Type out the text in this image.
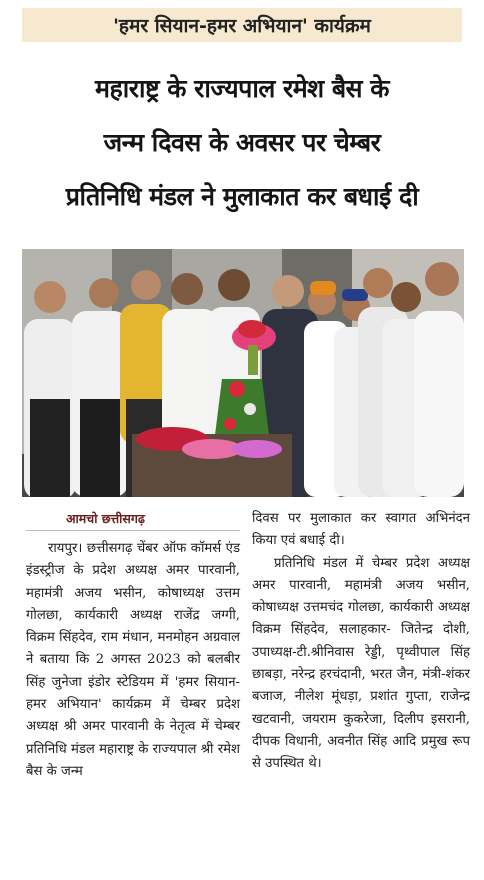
'हमर सियान-हमर अभियान' कार्यक्रम
महाराष्ट्र के राज्यपाल रमेश बैस के
जन्म दिवस के अवसर पर चेम्बर
प्रतिनिधि मंडल ने मुलाकात कर बधाई दी
आमचो छत्तीसगढ़

रायपुर। छत्तीसगढ़ चेंबर ऑफ कॉमर्स एंड इंडस्ट्रीज के प्रदेश अध्यक्ष अमर पारवानी, महामंत्री अजय भसीन, कोषाध्यक्ष उत्तम गोलछा, कार्यकारी अध्यक्ष राजेंद्र जग्गी, विक्रम सिंहदेव, राम मंधान, मनमोहन अग्रवाल ने बताया कि 2 अगस्त 2023 को बलबीर सिंह जुनेजा इंडोर स्टेडियम में 'हमर सियान-हमर अभियान' कार्यक्रम में चेम्बर प्रदेश अध्यक्ष श्री अमर पारवानी के नेतृत्व में चेम्बर प्रतिनिधि मंडल महाराष्ट्र के राज्यपाल श्री रमेश बैस के जन्म

दिवस पर मुलाकात कर स्वागत अभिनंदन किया एवं बधाई दी।

प्रतिनिधि मंडल में चेम्बर प्रदेश अध्यक्ष अमर पारवानी, महामंत्री अजय भसीन, कोषाध्यक्ष उत्तमचंद गोलछा, कार्यकारी अध्यक्ष विक्रम सिंहदेव, सलाहकार- जितेन्द्र दोशी, उपाध्यक्ष-टी.श्रीनिवास रेड्डी, पृथ्वीपाल सिंह छाबड़ा, नरेन्द्र हरचंदानी, भरत जैन, मंत्री-शंकर बजाज, नीलेश मूंधड़ा, प्रशांत गुप्ता, राजेन्द्र खटवानी, जयराम कुकरेजा, दिलीप इसरानी, दीपक विधानी, अवनीत सिंह आदि प्रमुख रूप से उपस्थित थे।
